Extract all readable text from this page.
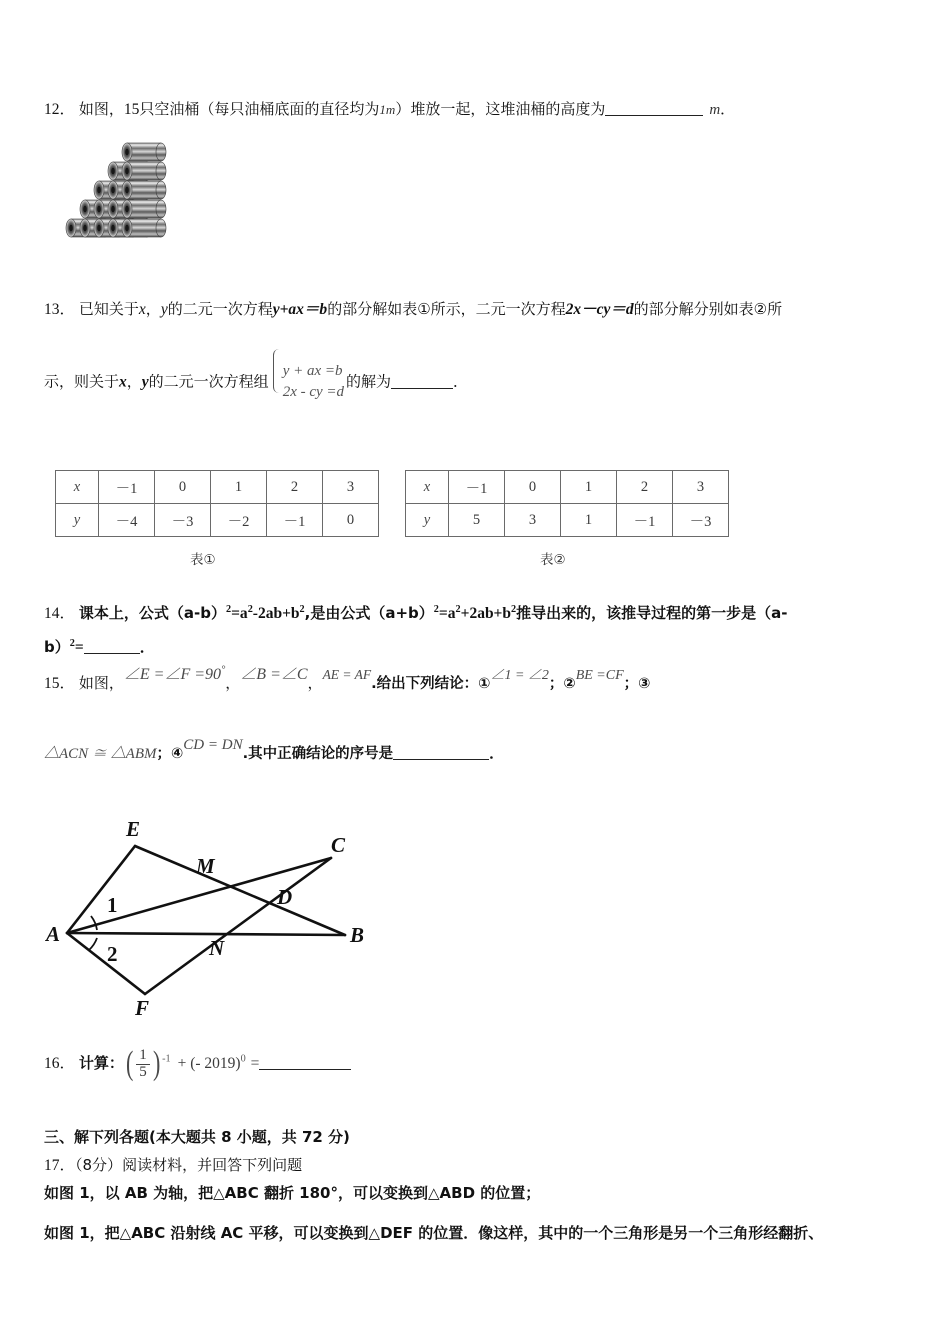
12． 如图，15只空油桶（每只油桶底面的直径均为1m）堆放一起，这堆油桶的高度为	m．
13． 已知关于x，y的二元一次方程y+ax＝b的部分解如表①所示，二元一次方程2x－cy＝d的部分解分别如表②所
示，则关于x，y的二元一次方程组
y + ax =b
2x - cy =d
的解为	．
x	－1	0	1	2	3
y	－4	－3	－2	－1	0
表①
x	－1	0	1	2	3
y	5	3	1	－1	－3
表②
14． 课本上，公式$(a-b)^2=a^2-2ab+b^2$,是由公式$(a+b)^2=a^2+2ab+b^2$推导出来的，该推导过程的第一步是（a-
b）$^2$=	．
15． 如图，∠E =∠F =90°，∠B =∠C，AE = AF.给出下列结论：①∠1 = ∠2；②BE =CF；③
△ACN ≅ △ABM；④CD = DN.其中正确结论的序号是	．
E
C
M
D
A	B
N
F
1
2
16． 计算：( $\frac{1}{5}$ ) $^{-1}$ + (- 2019)$^0$ =
三、解下列各题(本大题共 8 小题，共 72 分)
17．（8分）阅读材料，并回答下列问题
如图 1，以 AB 为轴，把△ABC 翻折 180°，可以变换到△ABD 的位置；
如图 1，把△ABC 沿射线 AC 平移，可以变换到△DEF 的位置．像这样，其中的一个三角形是另一个三角形经翻折、
